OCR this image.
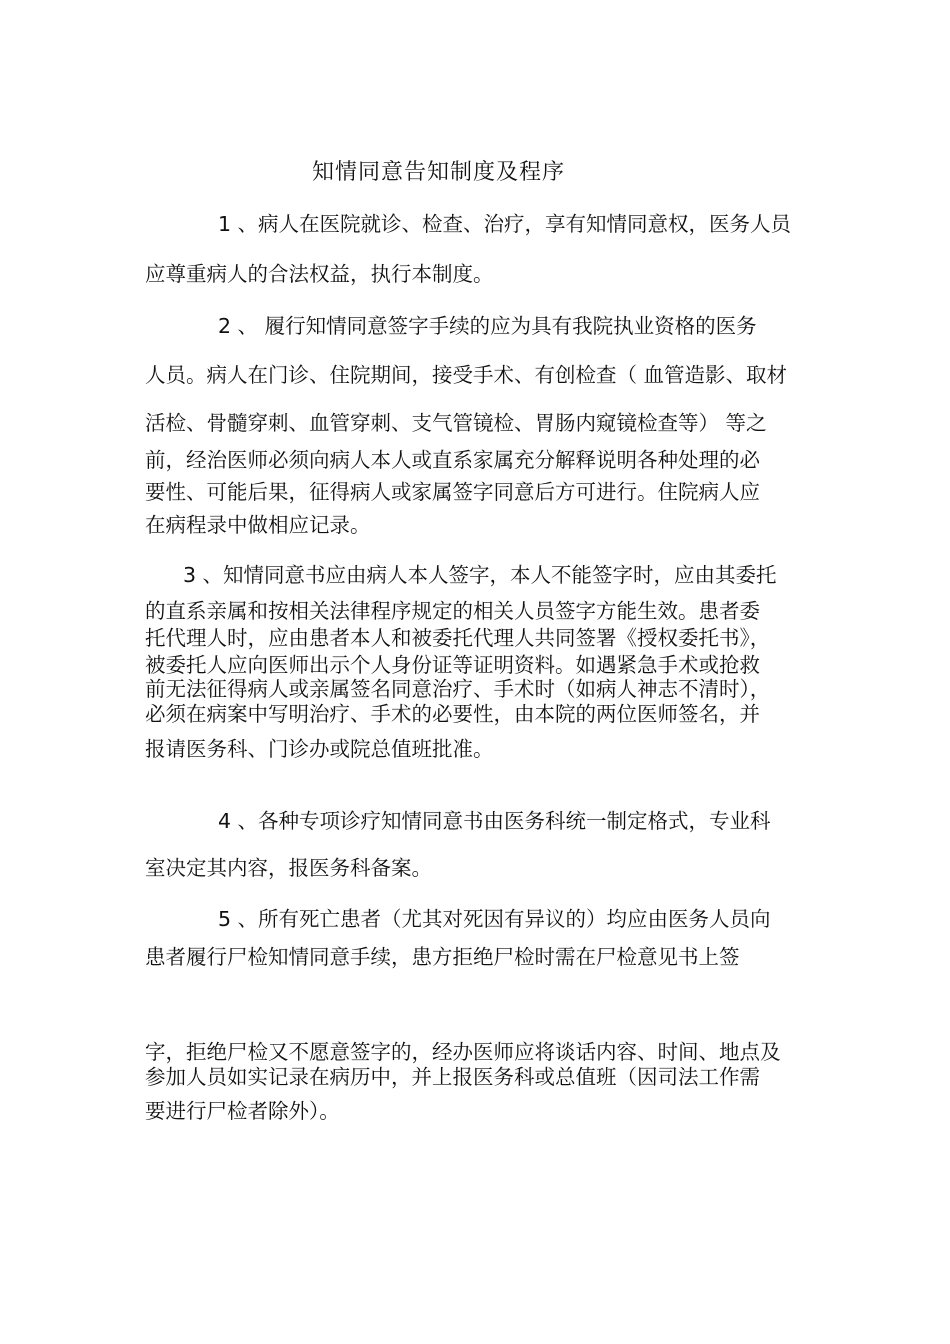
知情同意告知制度及程序
1 、病人在医院就诊、检查、治疗，享有知情同意权，医务人员
应尊重病人的合法权益，执行本制度。
2 、 履行知情同意签字手续的应为具有我院执业资格的医务
人员。病人在门诊、住院期间，接受手术、有创检查（ 血管造影、取材
活检、骨髓穿刺、血管穿刺、支气管镜检、胃肠内窥镜检查等） 等之
前，经治医师必须向病人本人或直系家属充分解释说明各种处理的必
要性、可能后果，征得病人或家属签字同意后方可进行。住院病人应
在病程录中做相应记录。
3 、知情同意书应由病人本人签字，本人不能签字时，应由其委托
的直系亲属和按相关法律程序规定的相关人员签字方能生效。患者委
托代理人时，应由患者本人和被委托代理人共同签署《授权委托书》，
被委托人应向医师出示个人身份证等证明资料。如遇紧急手术或抢救
前无法征得病人或亲属签名同意治疗、手术时（如病人神志不清时），
必须在病案中写明治疗、手术的必要性，由本院的两位医师签名，并
报请医务科、门诊办或院总值班批准。
4 、各种专项诊疗知情同意书由医务科统一制定格式，专业科
室决定其内容，报医务科备案。
5 、所有死亡患者（尤其对死因有异议的）均应由医务人员向
患者履行尸检知情同意手续，患方拒绝尸检时需在尸检意见书上签
字，拒绝尸检又不愿意签字的，经办医师应将谈话内容、时间、地点及
参加人员如实记录在病历中，并上报医务科或总值班（因司法工作需
要进行尸检者除外）。
